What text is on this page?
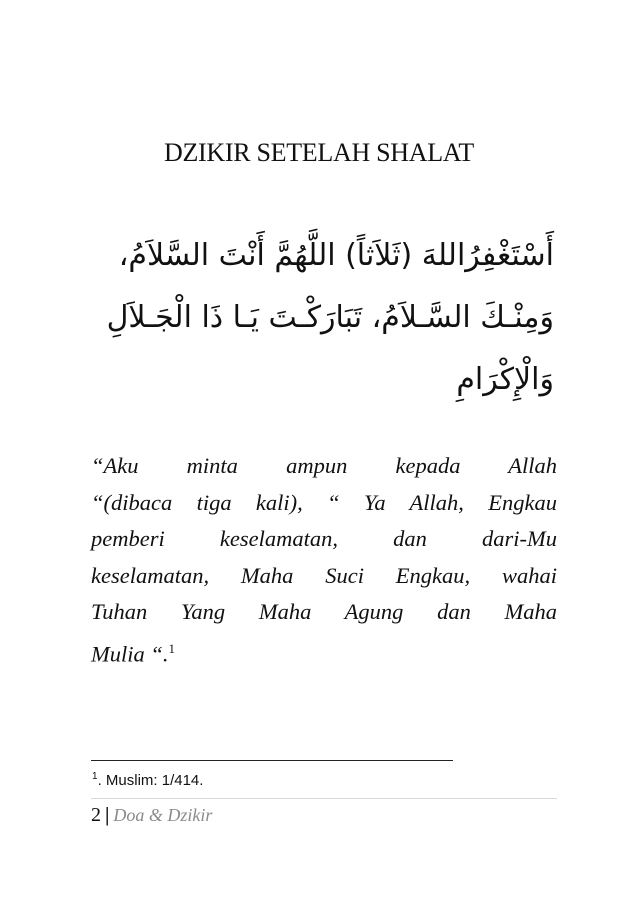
DZIKIR SETELAH SHALAT
أَسْتَغْفِرُاللهَ (ثَلاَثاً) اللَّهُمَّ أَنْتَ السَّلاَمُ،
وَمِنْـكَ السَّـلاَمُ، تَبَارَكْـتَ يَـا ذَا الْجَـلاَلِ
وَالْإِكْرَامِ
“Aku minta ampun kepada Allah
“(dibaca tiga kali), “ Ya Allah, Engkau
pemberi keselamatan, dan dari-Mu
keselamatan, Maha Suci Engkau, wahai
Tuhan Yang Maha Agung dan Maha
Mulia “.$^1$
$^1$. Muslim: 1/414.
2 | Doa & Dzikir
